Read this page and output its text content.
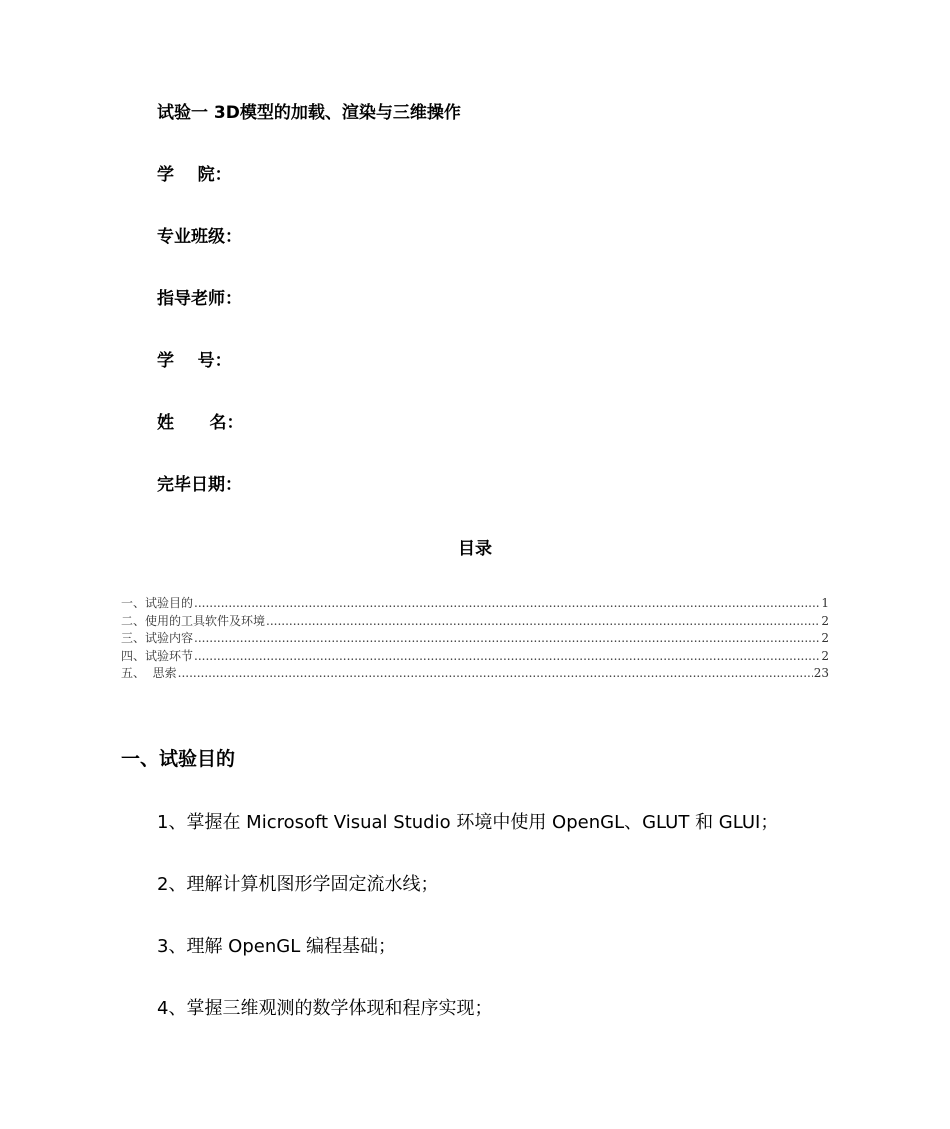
试验一 3D模型的加载、渲染与三维操作
学    院：
专业班级：
指导老师：
学    号：
姓      名：
完毕日期：
目录
一、试验目的 .....	1
二、使用的工具软件及环境 .....	2
三、试验内容 .....	2
四、试验环节 .....	2
五、  思索 .....	23
一、试验目的
1、掌握在 Microsoft Visual Studio 环境中使用 OpenGL、GLUT 和 GLUI；
2、理解计算机图形学固定流水线；
3、理解 OpenGL 编程基础；
4、掌握三维观测的数学体现和程序实现；
